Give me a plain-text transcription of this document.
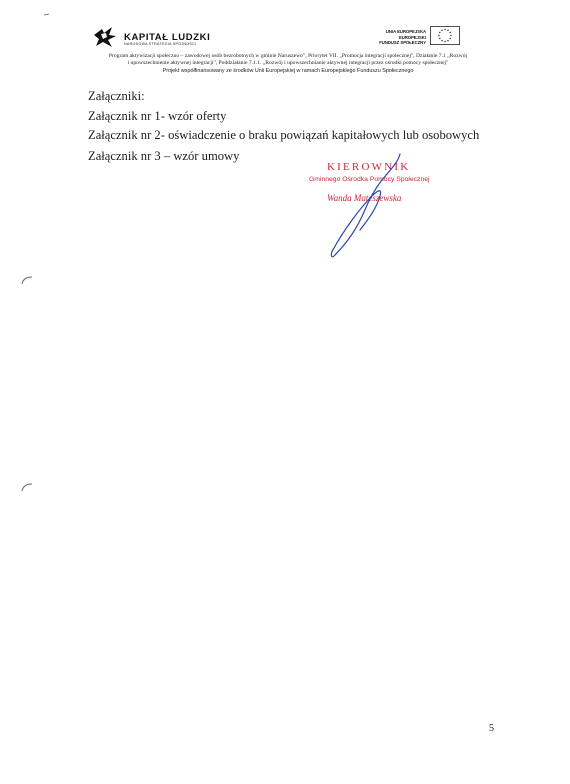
KAPITAŁ LUDZKI
NARODOWA STRATEGIA SPÓJNOŚCI
UNIA EUROPEJSKA
EUROPEJSKI
FUNDUSZ SPOŁECZNY
Program aktywizacji społeczno – zawodowej osób bezrobotnych w gminie Naruszewo", Priorytet VII. „Promocja integracji społecznej", Działanie 7.1 „Rozwój
i upowszechnienie aktywnej integracji", Poddziałanie 7.1.1. „Rozwój i upowszechnianie aktywnej integracji przez ośrodki pomocy społecznej"
Projekt współfinansowany ze środków Unii Europejskiej w ramach Europejskiego Funduszu Społecznego
Załączniki:
Załącznik nr 1- wzór oferty
Załącznik nr 2- oświadczenie o braku powiązań kapitałowych lub osobowych
Załącznik nr 3 – wzór umowy
KIEROWNIK
Gminnego Ośrodka Pomocy Społecznej
Wanda Mateszewska
5
